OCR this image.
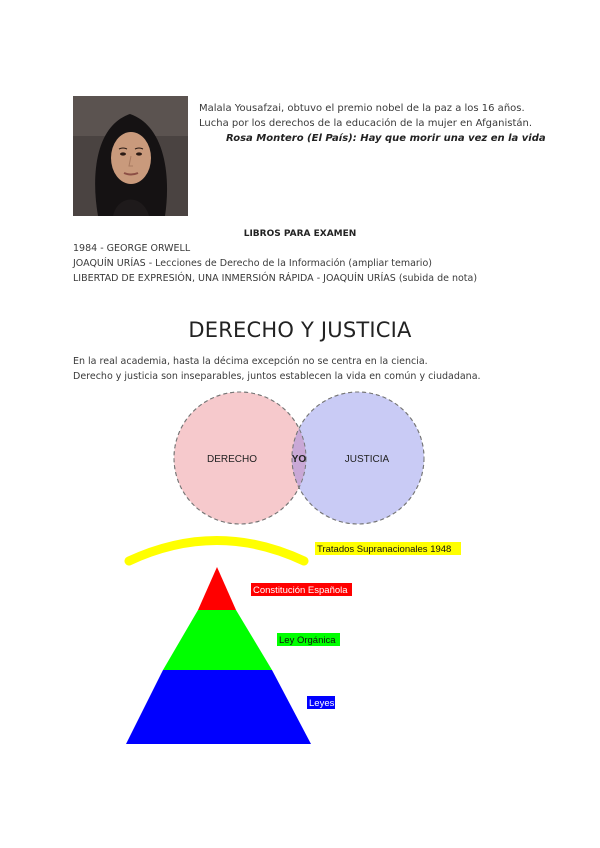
Malala Yousafzai, obtuvo el premio nobel de la paz a los 16 años.
Lucha por los derechos de la educación de la mujer en Afganistán.
Rosa Montero (El País): Hay que morir una vez en la vida
LIBROS PARA EXAMEN
1984 - GEORGE ORWELL
JOAQUÍN URÍAS - Lecciones de Derecho de la Información (ampliar temario)
LIBERTAD DE EXPRESIÓN, UNA INMERSIÓN RÁPIDA - JOAQUÍN URÍAS (subida de nota)
DERECHO Y JUSTICIA
En la real academia, hasta la décima excepción no se centra en la ciencia.
Derecho y justicia son inseparables, juntos establecen la vida en común y ciudadana.
DERECHO	YO	JUSTICIA
Tratados Supranacionales 1948
Constitución Española
Ley Orgánica
Leyes
